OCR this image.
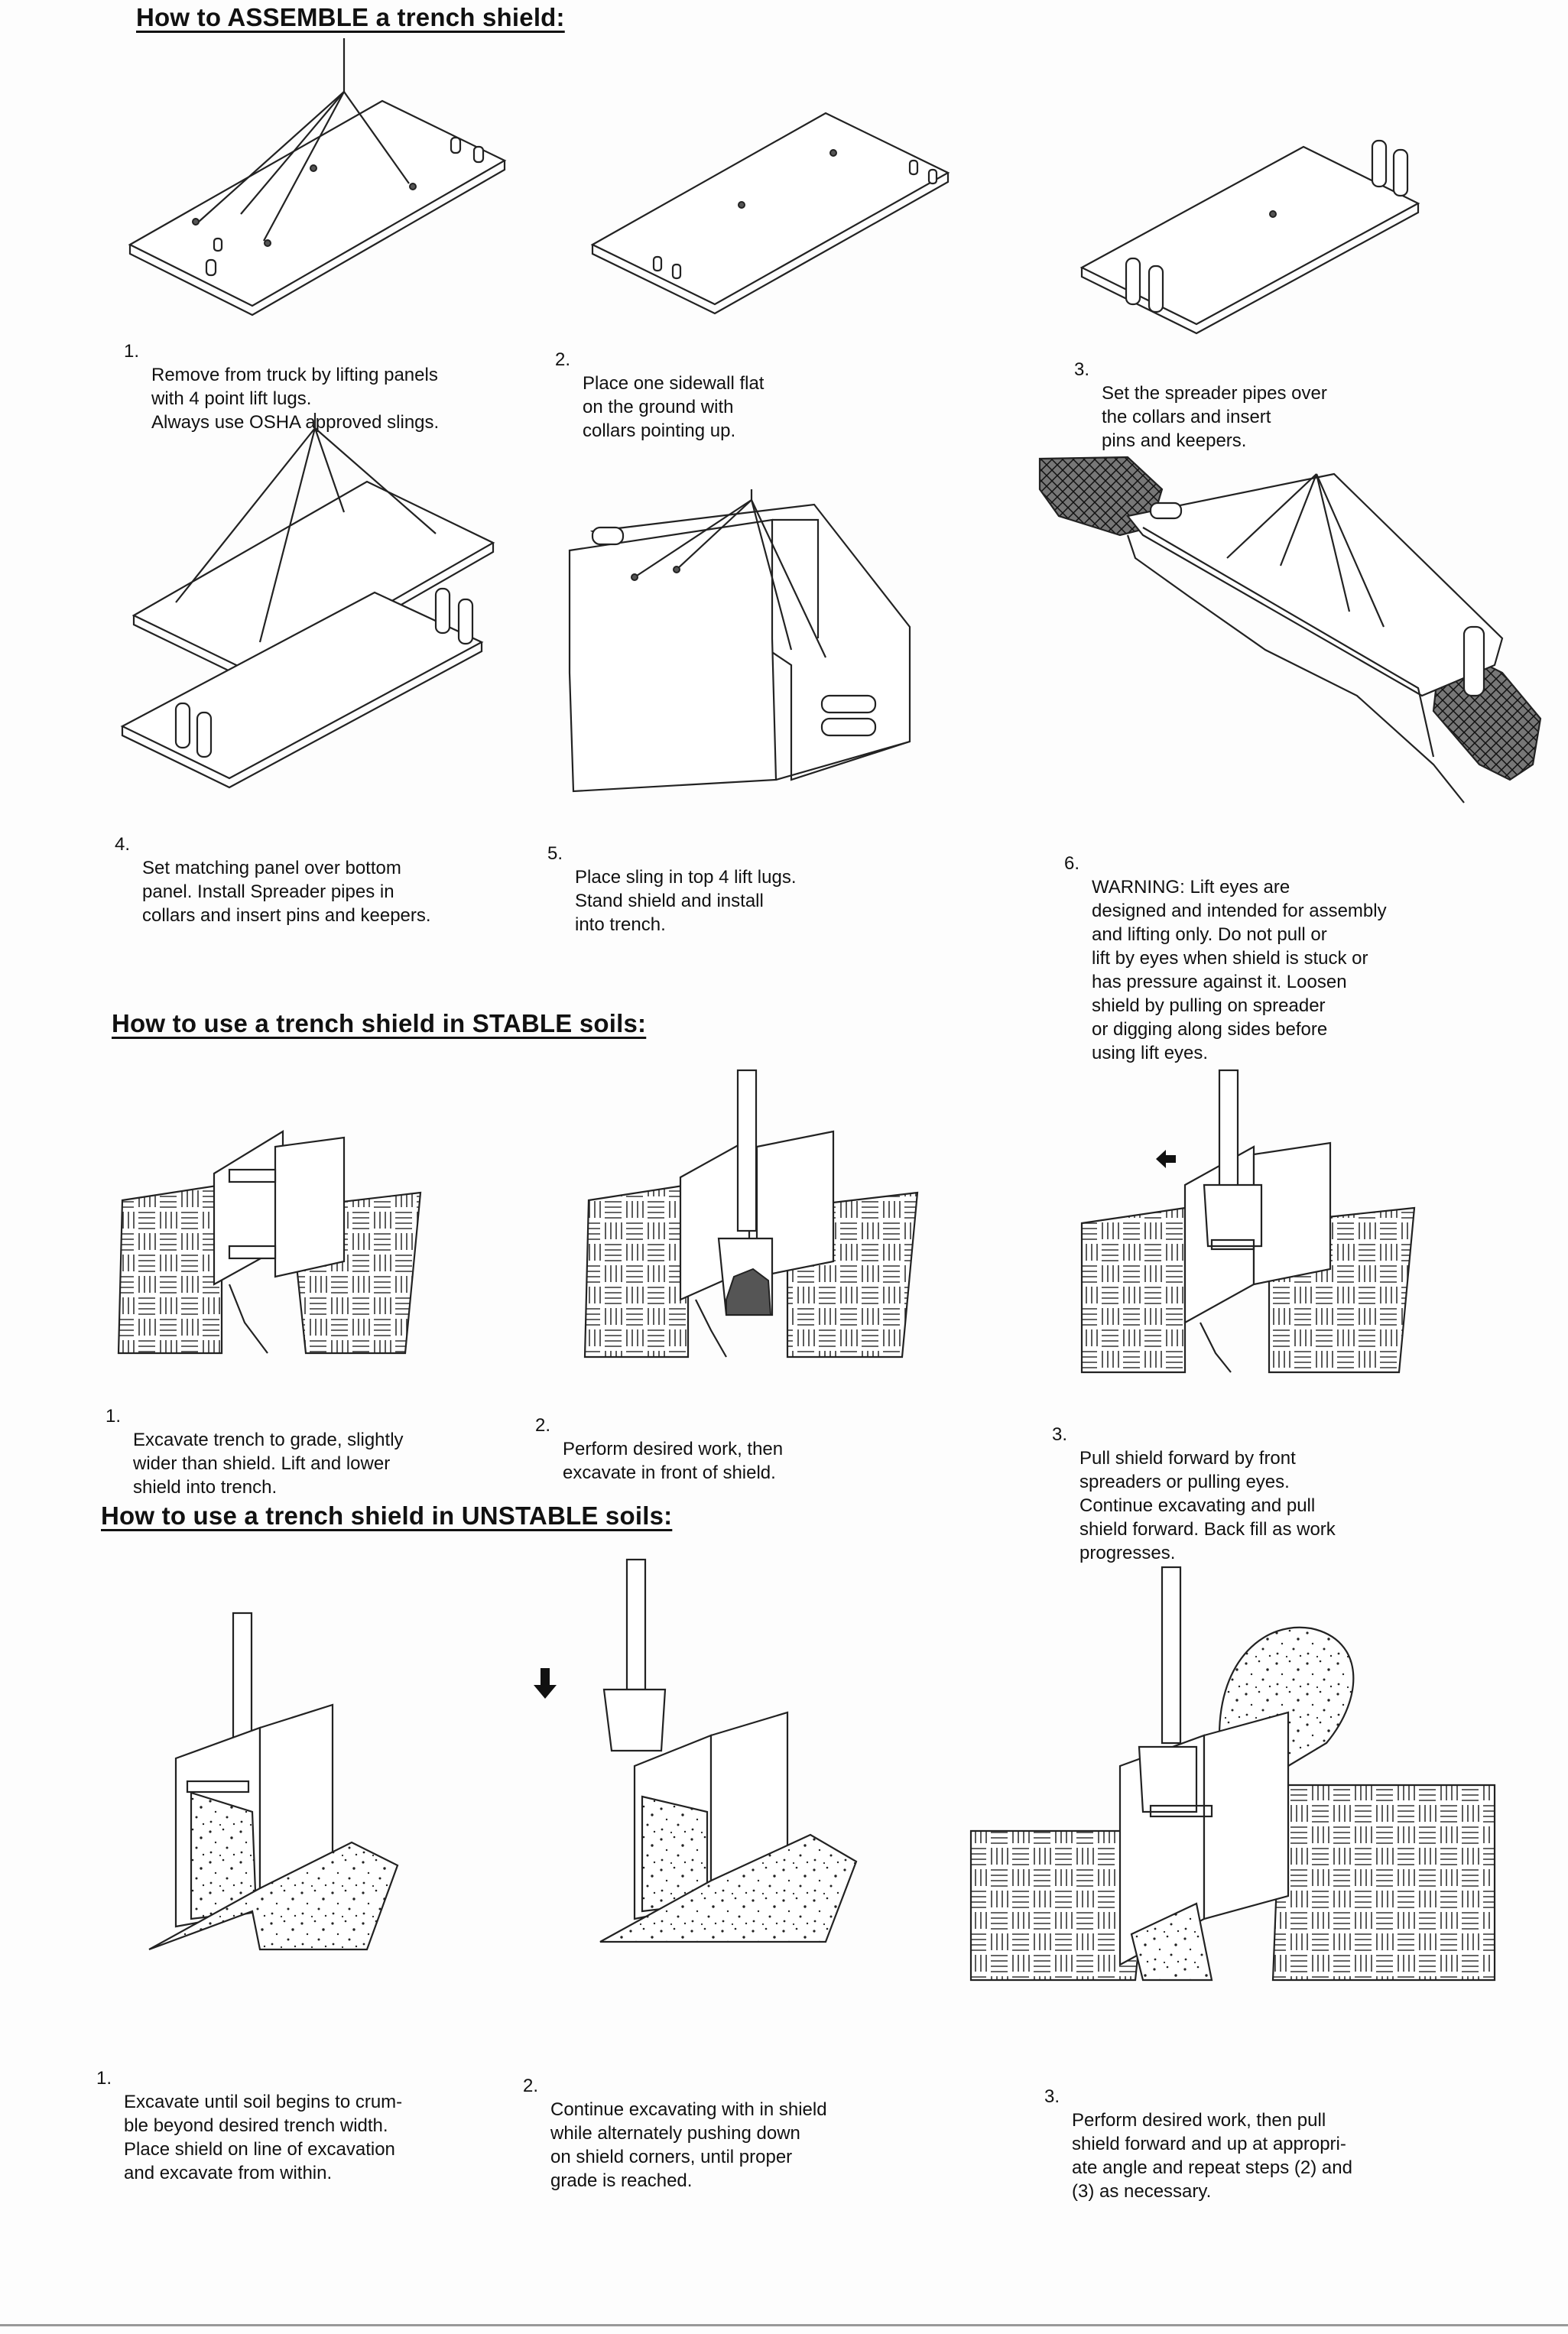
How to ASSEMBLE a trench shield:

1.

Remove from truck by lifting panels
with 4 point lift lugs.
Always use OSHA approved slings.

2.

Place one sidewall flat
on the ground with
collars pointing up.

3.

Set the spreader pipes over
the collars and insert
pins and keepers.

4.

Set matching panel over bottom
panel. Install Spreader pipes in
collars and insert pins and keepers.

5.

Place sling in top 4 lift lugs.
Stand shield and install
into trench.

6.

WARNING: Lift eyes are
designed and intended for assembly
and lifting only. Do not pull or
lift by eyes when shield is stuck or
has pressure against it. Loosen
shield by pulling on spreader
or digging along sides before
using lift eyes.

How to use a trench shield in STABLE soils:

1.

Excavate trench to grade, slightly
wider than shield. Lift and lower
shield into trench.

2.

Perform desired work, then
excavate in front of shield.

3.

Pull shield forward by front
spreaders or pulling eyes.
Continue excavating and pull
shield forward. Back fill as work
progresses.

How to use a trench shield in UNSTABLE soils:

1.

Excavate until soil begins to crum-
ble beyond desired trench width.
Place shield on line of excavation
and excavate from within.

2.

Continue excavating with in shield
while alternately pushing down
on shield corners, until proper
grade is reached.

3.

Perform desired work, then pull
shield forward and up at appropri-
ate angle and repeat steps (2) and
(3) as necessary.
